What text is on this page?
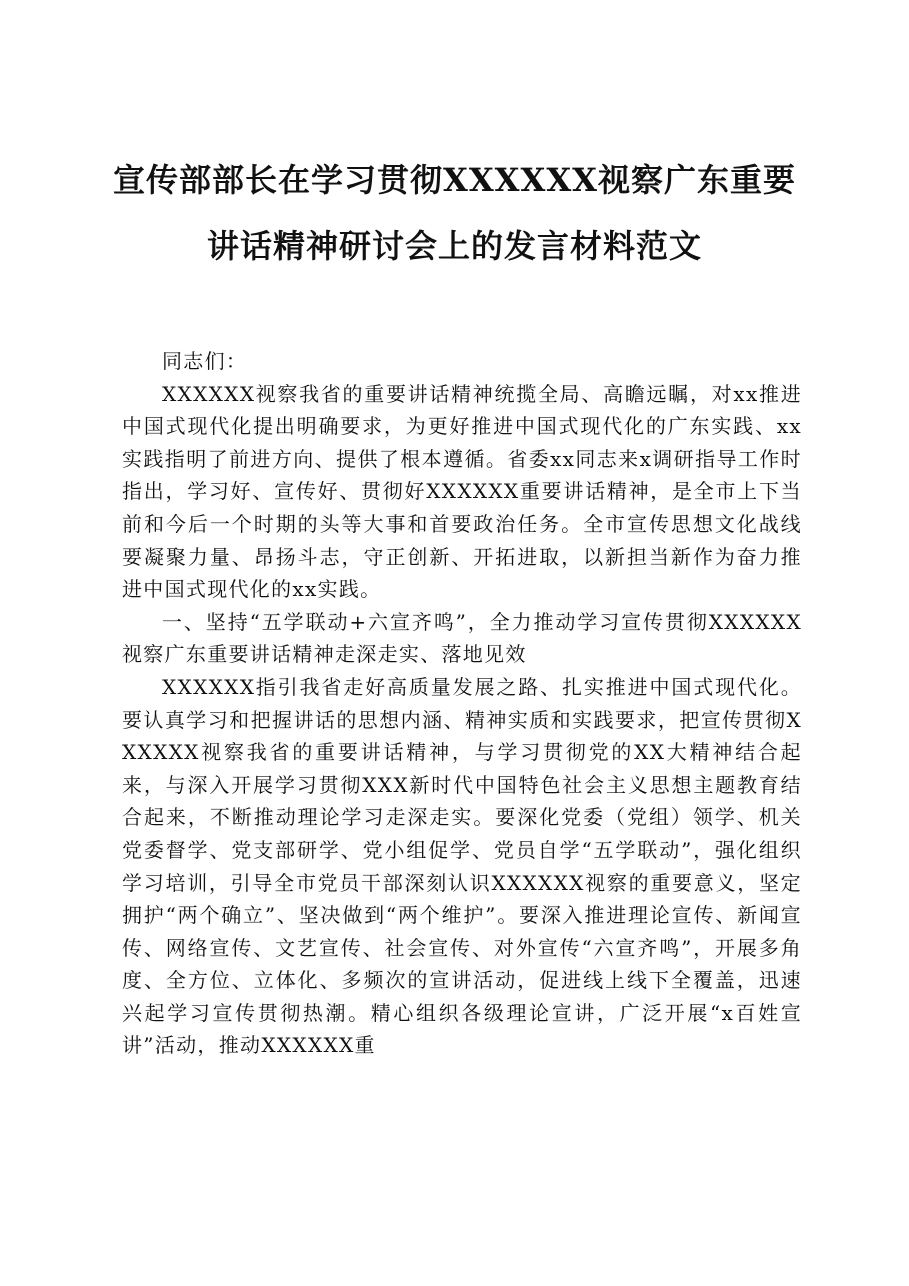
宣传部部长在学习贯彻XXXXXX视察广东重要
讲话精神研讨会上的发言材料范文

同志们：

XXXXXX视察我省的重要讲话精神统揽全局、高瞻远瞩，对xx推进中国式现代化提出明确要求，为更好推进中国式现代化的广东实践、xx实践指明了前进方向、提供了根本遵循。省委xx同志来x调研指导工作时指出，学习好、宣传好、贯彻好XXXXXX重要讲话精神，是全市上下当前和今后一个时期的头等大事和首要政治任务。全市宣传思想文化战线要凝聚力量、昂扬斗志，守正创新、开拓进取，以新担当新作为奋力推进中国式现代化的xx实践。

一、坚持“五学联动+六宣齐鸣”，全力推动学习宣传贯彻XXXXXX视察广东重要讲话精神走深走实、落地见效

XXXXXX指引我省走好高质量发展之路、扎实推进中国式现代化。要认真学习和把握讲话的思想内涵、精神实质和实践要求，把宣传贯彻XXXXXX视察我省的重要讲话精神，与学习贯彻党的XX大精神结合起来，与深入开展学习贯彻XXX新时代中国特色社会主义思想主题教育结合起来，不断推动理论学习走深走实。要深化党委（党组）领学、机关党委督学、党支部研学、党小组促学、党员自学“五学联动”，强化组织学习培训，引导全市党员干部深刻认识XXXXXX视察的重要意义，坚定拥护“两个确立”、坚决做到“两个维护”。要深入推进理论宣传、新闻宣传、网络宣传、文艺宣传、社会宣传、对外宣传“六宣齐鸣”，开展多角度、全方位、立体化、多频次的宣讲活动，促进线上线下全覆盖，迅速兴起学习宣传贯彻热潮。精心组织各级理论宣讲，广泛开展“x百姓宣讲”活动，推动XXXXXX重
